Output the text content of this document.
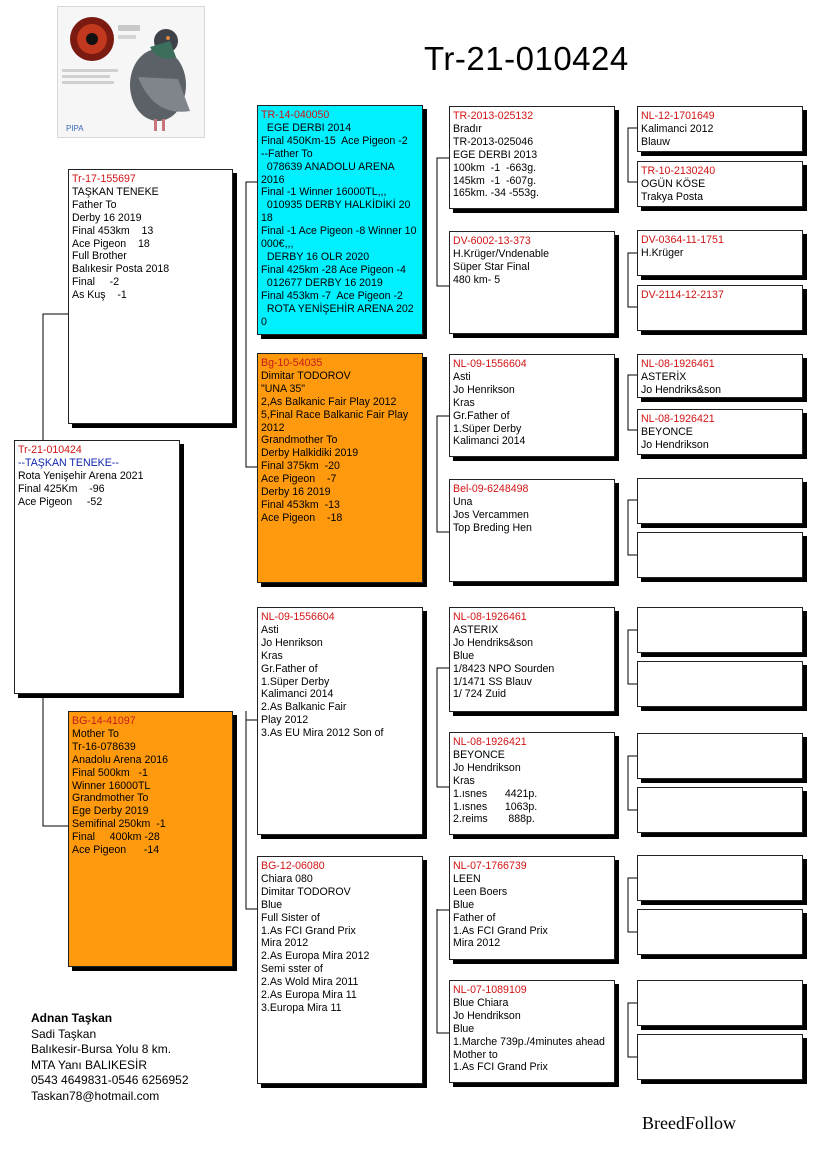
Tr-21-010424
PIPA
Tr-21-010424
--TAŞKAN TENEKE--
Rota Yenişehir Arena 2021
Final 425Km    -96
Ace Pigeon     -52
Tr-17-155697
TAŞKAN TENEKE
Father To
Derby 16 2019
Final 453km    13
Ace Pigeon    18
Full Brother
Balıkesir Posta 2018
Final     -2
As Kuş    -1
BG-14-41097
Mother To
Tr-16-078639
Anadolu Arena 2016
Final 500km   -1
Winner 16000TL
Grandmother To
Ege Derby 2019
Semifinal 250km  -1
Final     400km -28
Ace Pigeon      -14
TR-14-040050
EGE DERBI 2014
Final 450Km-15  Ace Pigeon -2
--Father To
078639 ANADOLU ARENA
2016
Final -1 Winner 16000TL,,,
010935 DERBY HALKİDİKİ 20
18
Final -1 Ace Pigeon -8 Winner 10
000€,,,
DERBY 16 OLR 2020
Final 425km -28 Ace Pigeon -4
012677 DERBY 16 2019
Final 453km -7  Ace Pigeon -2
ROTA YENİŞEHİR ARENA 202
0
Bg-10-54035
Dimitar TODOROV
"UNA 35"
2,As Balkanic Fair Play 2012
5,Final Race Balkanic Fair Play
2012
Grandmother To
Derby Halkidiki 2019
Final 375km  -20
Ace Pigeon    -7
Derby 16 2019
Final 453km  -13
Ace Pigeon    -18
NL-09-1556604
Asti
Jo Henrikson
Kras
Gr.Father of
1.Süper Derby
Kalimanci 2014
2.As Balkanic Fair
Play 2012
3.As EU Mira 2012 Son of
BG-12-06080
Chiara 080
Dimitar TODOROV
Blue
Full Sister of
1.As FCI Grand Prix
Mira 2012
2.As Europa Mira 2012
Semi sster of
2.As Wold Mira 2011
2.As Europa Mira 11
3.Europa Mira 11
TR-2013-025132
Bradır
TR-2013-025046
EGE DERBI 2013
100km  -1  -663g.
145km  -1  -607g.
165km. -34 -553g.
DV-6002-13-373
H.Krüger/Vndenable
Süper Star Final
480 km- 5
NL-09-1556604
Asti
Jo Henrikson
Kras
Gr.Father of
1.Süper Derby
Kalimanci 2014
Bel-09-6248498
Una
Jos Vercammen
Top Breding Hen
NL-08-1926461
ASTERIX
Jo Hendriks&son
Blue
1/8423 NPO Sourden
1/1471 SS Blauv
1/ 724 Zuid
NL-08-1926421
BEYONCE
Jo Hendrikson
Kras
1.ısnes      4421p.
1.ısnes      1063p.
2.reims       888p.
NL-07-1766739
LEEN
Leen Boers
Blue
Father of
1.As FCI Grand Prix
Mira 2012
NL-07-1089109
Blue Chiara
Jo Hendrikson
Blue
1.Marche 739p./4minutes ahead
Mother to
1.As FCI Grand Prix
NL-12-1701649
Kalimanci 2012
Blauw
TR-10-2130240
OGÜN KÖSE
Trakya Posta
DV-0364-11-1751
H.Krüger
DV-2114-12-2137
NL-08-1926461
ASTERİX
Jo Hendriks&son
NL-08-1926421
BEYONCE
Jo Hendrikson
Adnan Taşkan
Sadi Taşkan
Balıkesir-Bursa Yolu 8 km.
MTA Yanı BALIKESİR
0543 4649831-0546 6256952
Taskan78@hotmail.com
BreedFollow
